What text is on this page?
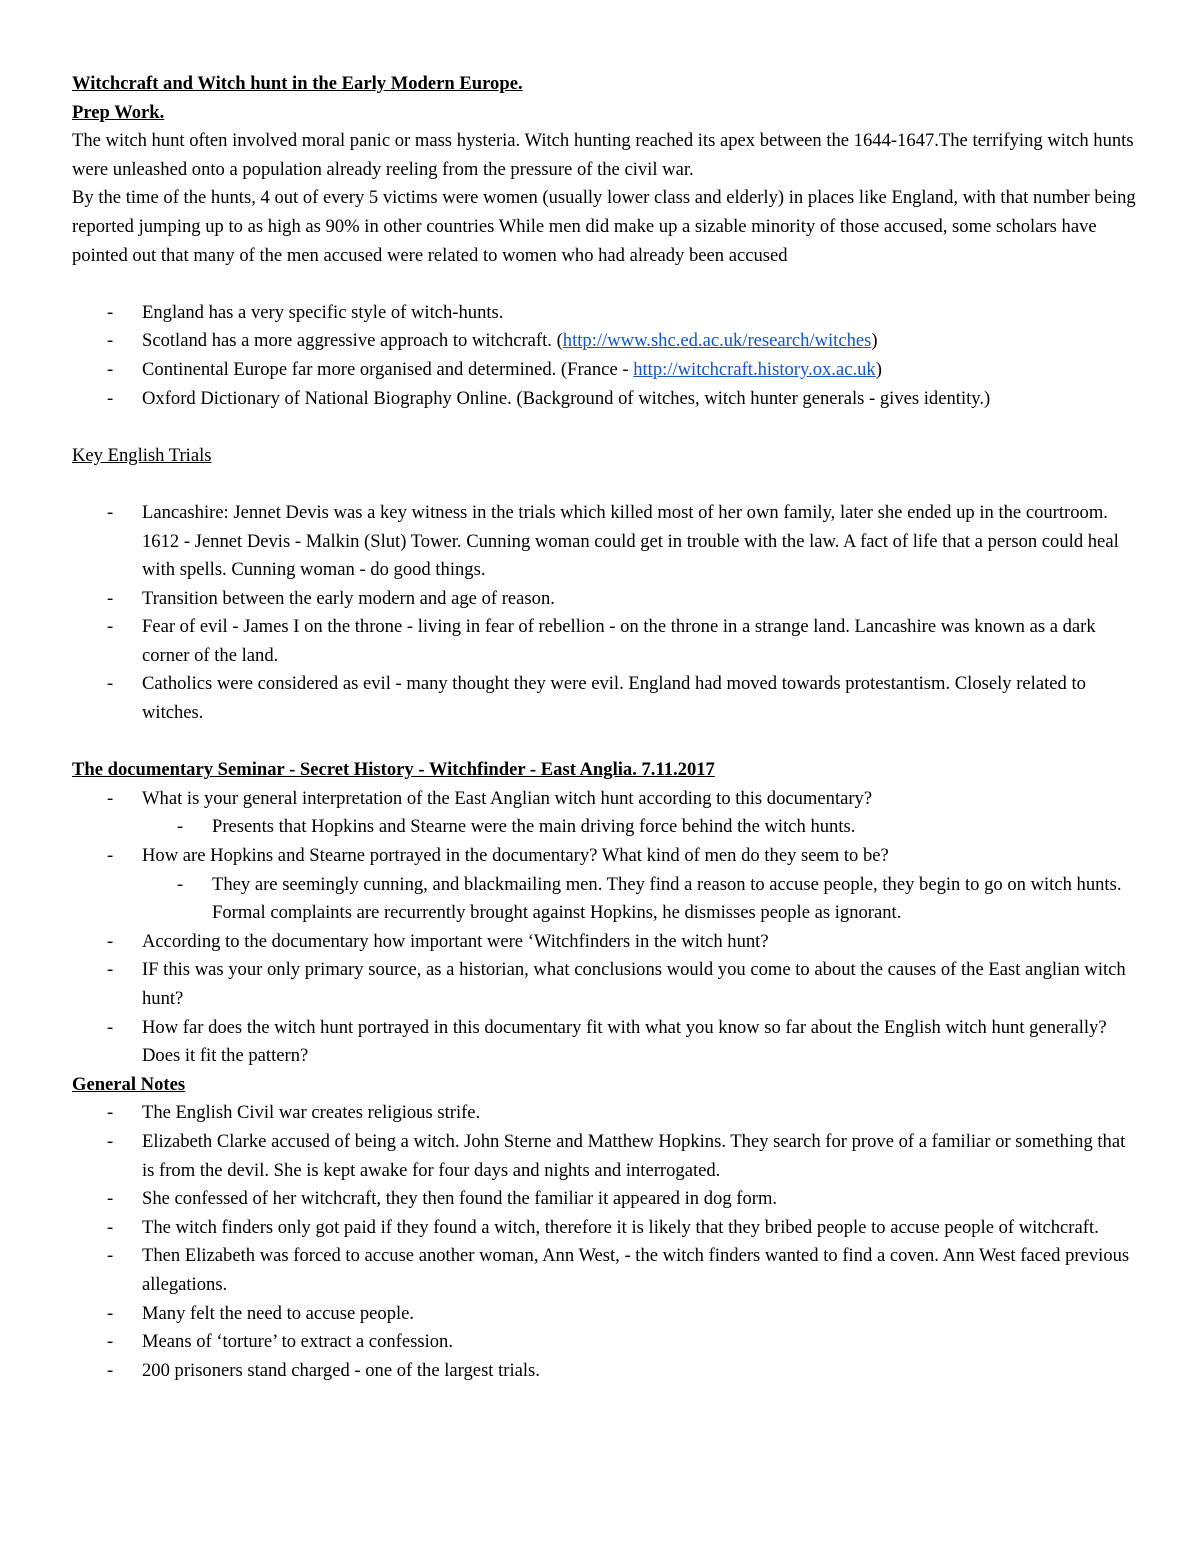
Witchcraft and Witch hunt in the Early Modern Europe.

Prep Work.

The witch hunt often involved moral panic or mass hysteria. Witch hunting reached its apex between the 1644-1647.The terrifying witch hunts were unleashed onto a population already reeling from the pressure of the civil war.

By the time of the hunts, 4 out of every 5 victims were women (usually lower class and elderly) in places like England, with that number being reported jumping up to as high as 90% in other countries While men did make up a sizable minority of those accused, some scholars have pointed out that many of the men accused were related to women who had already been accused

- England has a very specific style of witch-hunts.
- Scotland has a more aggressive approach to witchcraft. (http://www.shc.ed.ac.uk/research/witches)
- Continental Europe far more organised and determined. (France - http://witchcraft.history.ox.ac.uk)
- Oxford Dictionary of National Biography Online. (Background of witches, witch hunter generals - gives identity.)

Key English Trials

- Lancashire: Jennet Devis was a key witness in the trials which killed most of her own family, later she ended up in the courtroom. 1612 - Jennet Devis - Malkin (Slut) Tower. Cunning woman could get in trouble with the law. A fact of life that a person could heal with spells. Cunning woman - do good things.
- Transition between the early modern and age of reason.
- Fear of evil - James I on the throne - living in fear of rebellion - on the throne in a strange land. Lancashire was known as a dark corner of the land.
- Catholics were considered as evil - many thought they were evil. England had moved towards protestantism. Closely related to witches.

The documentary Seminar - Secret History - Witchfinder - East Anglia. 7.11.2017

- What is your general interpretation of the East Anglian witch hunt according to this documentary?
- Presents that Hopkins and Stearne were the main driving force behind the witch hunts.
- How are Hopkins and Stearne portrayed in the documentary? What kind of men do they seem to be?
- They are seemingly cunning, and blackmailing men. They find a reason to accuse people, they begin to go on witch hunts. Formal complaints are recurrently brought against Hopkins, he dismisses people as ignorant.
- According to the documentary how important were ‘Witchfinders in the witch hunt?
- IF this was your only primary source, as a historian, what conclusions would you come to about the causes of the East anglian witch hunt?
- How far does the witch hunt portrayed in this documentary fit with what you know so far about the English witch hunt generally? Does it fit the pattern?

General Notes

- The English Civil war creates religious strife.
- Elizabeth Clarke accused of being a witch. John Sterne and Matthew Hopkins. They search for prove of a familiar or something that is from the devil. She is kept awake for four days and nights and interrogated.
- She confessed of her witchcraft, they then found the familiar it appeared in dog form.
- The witch finders only got paid if they found a witch, therefore it is likely that they bribed people to accuse people of witchcraft.
- Then Elizabeth was forced to accuse another woman, Ann West, - the witch finders wanted to find a coven. Ann West faced previous allegations.
- Many felt the need to accuse people.
- Means of ‘torture’ to extract a confession.
- 200 prisoners stand charged - one of the largest trials.
